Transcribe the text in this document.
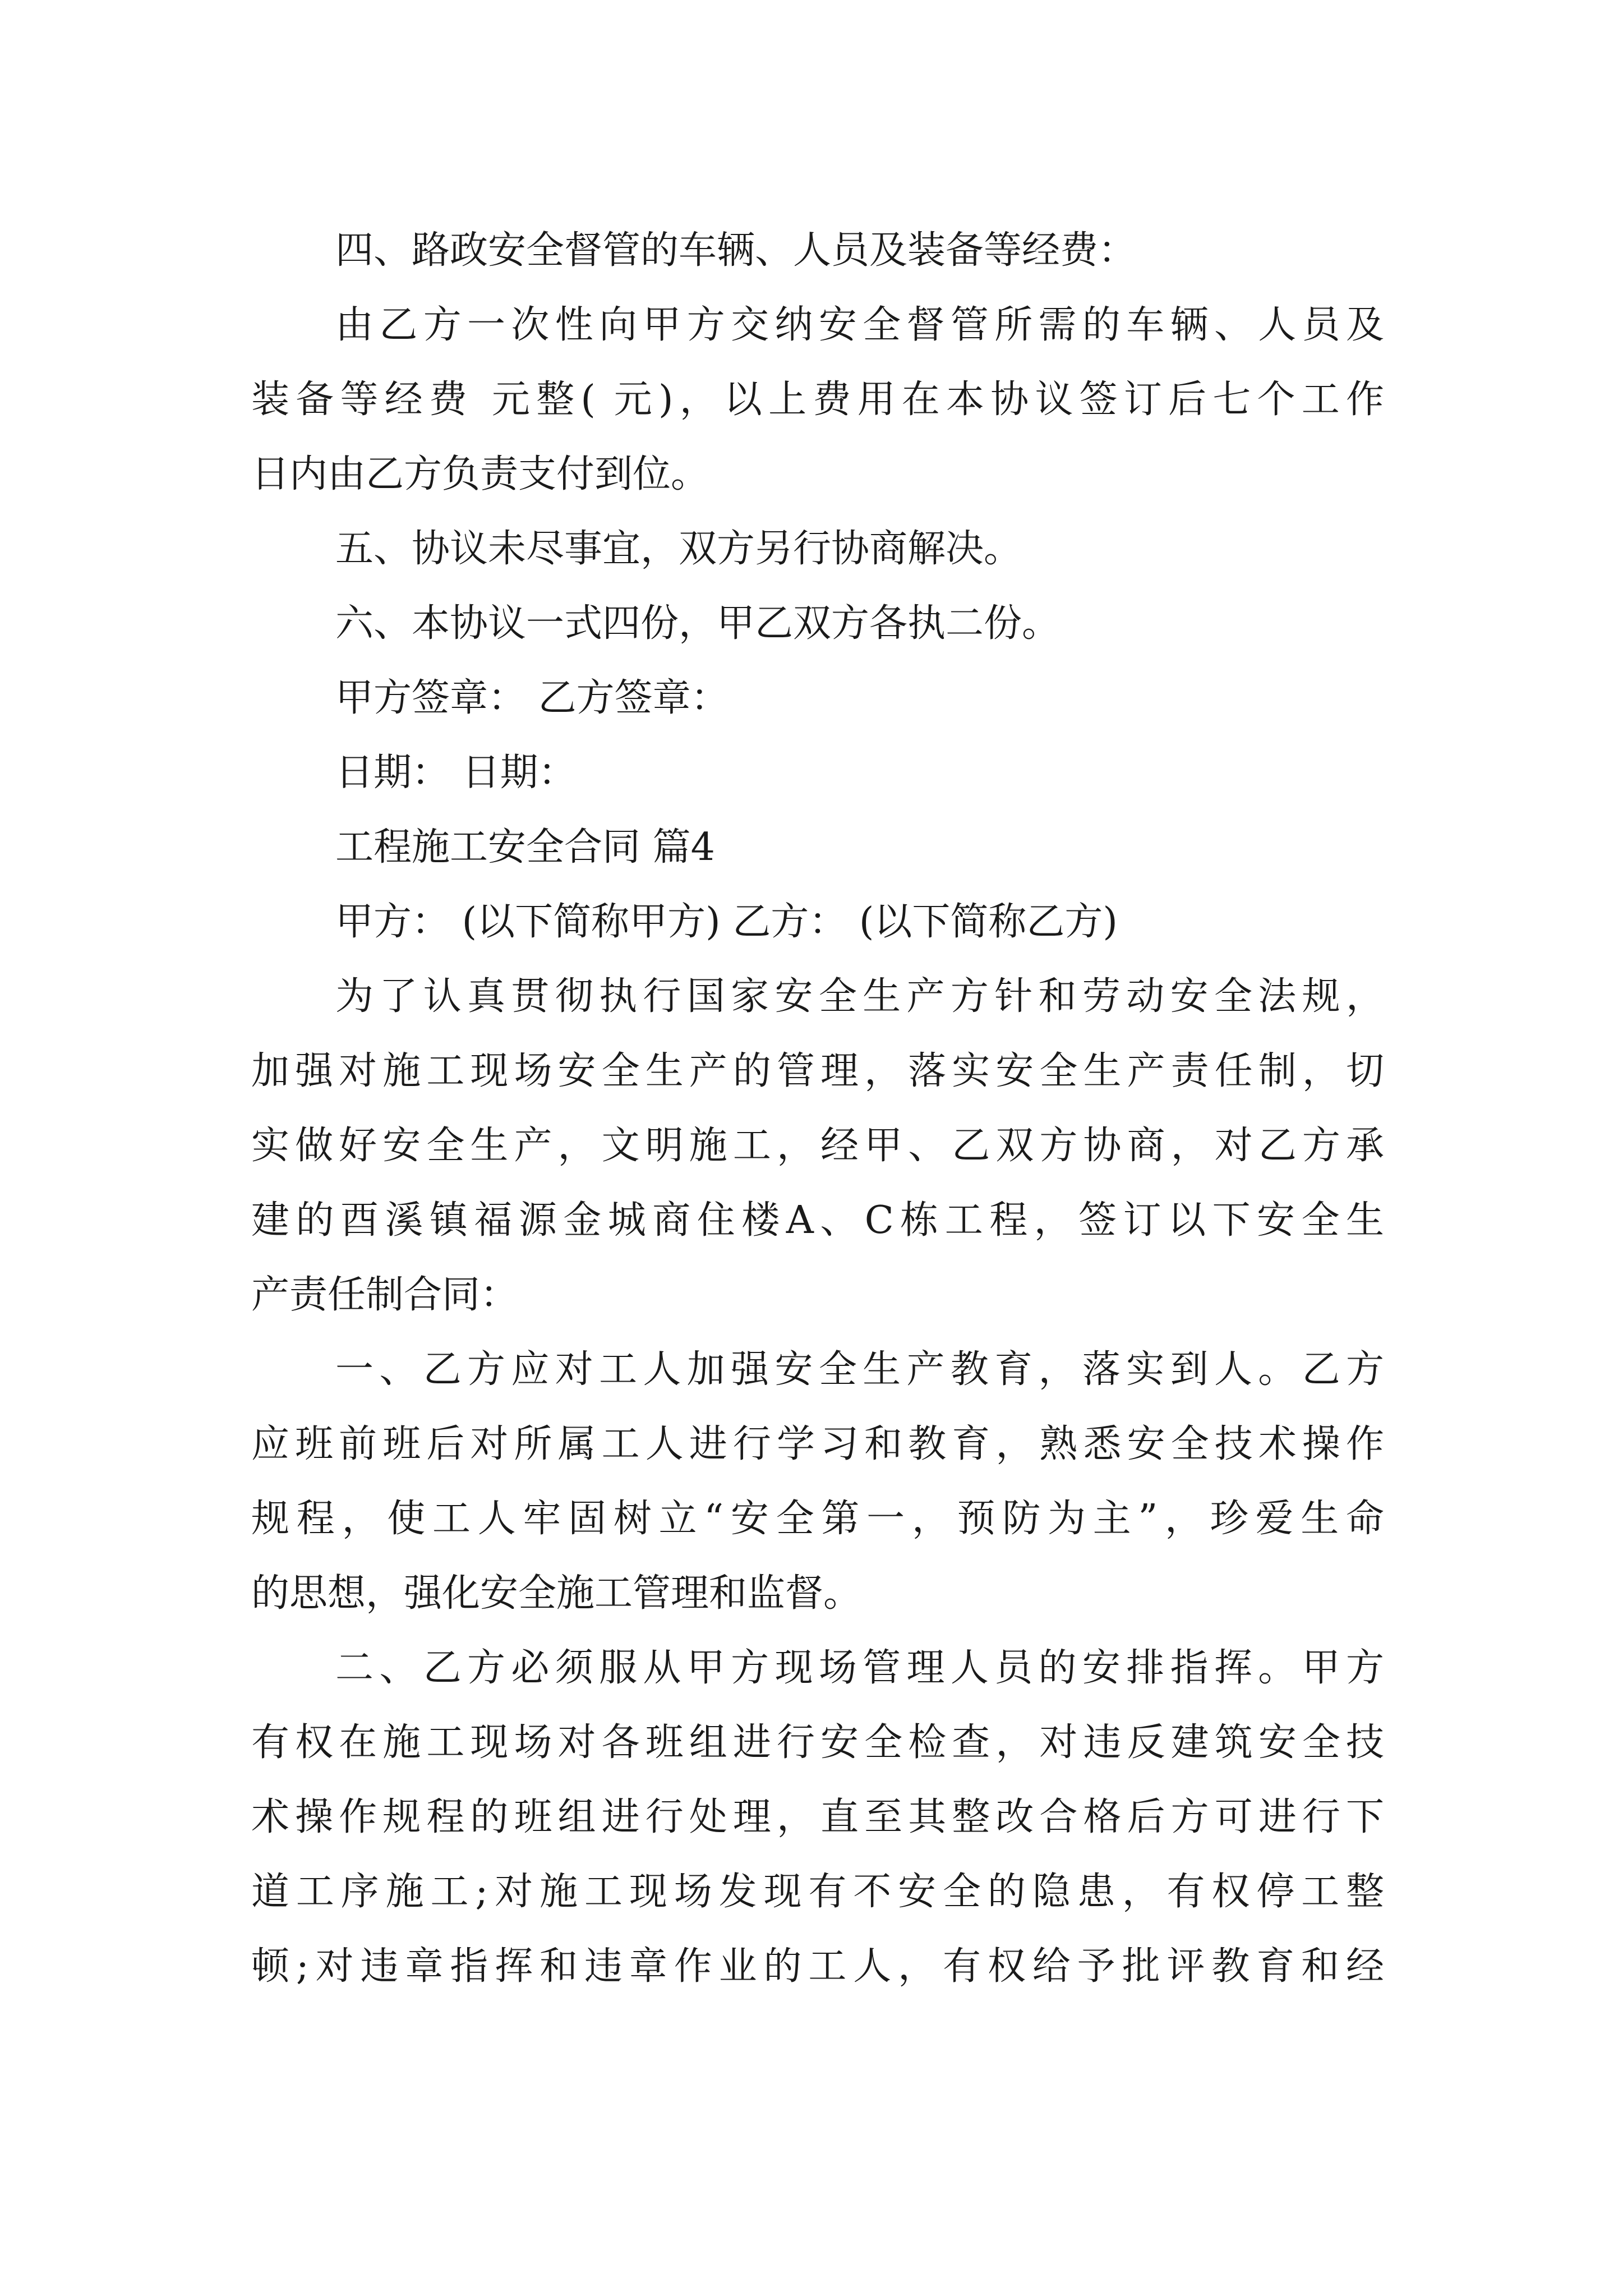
四、路政安全督管的车辆、人员及装备等经费：
由乙方一次性向甲方交纳安全督管所需的车辆、人员及
装备等经费 元整( 元)，以上费用在本协议签订后七个工作
日内由乙方负责支付到位。
五、协议未尽事宜，双方另行协商解决。
六、本协议一式四份，甲乙双方各执二份。
甲方签章： 乙方签章：
日期： 日期：
工程施工安全合同 篇4
甲方： (以下简称甲方) 乙方： (以下简称乙方)
为了认真贯彻执行国家安全生产方针和劳动安全法规，
加强对施工现场安全生产的管理，落实安全生产责任制，切
实做好安全生产，文明施工，经甲、乙双方协商，对乙方承
建的酉溪镇福源金城商住楼A、C栋工程，签订以下安全生
产责任制合同：
一、乙方应对工人加强安全生产教育，落实到人。乙方
应班前班后对所属工人进行学习和教育，熟悉安全技术操作
规程，使工人牢固树立“安全第一，预防为主”，珍爱生命
的思想，强化安全施工管理和监督。
二、乙方必须服从甲方现场管理人员的安排指挥。甲方
有权在施工现场对各班组进行安全检查，对违反建筑安全技
术操作规程的班组进行处理，直至其整改合格后方可进行下
道工序施工;对施工现场发现有不安全的隐患，有权停工整
顿;对违章指挥和违章作业的工人，有权给予批评教育和经
